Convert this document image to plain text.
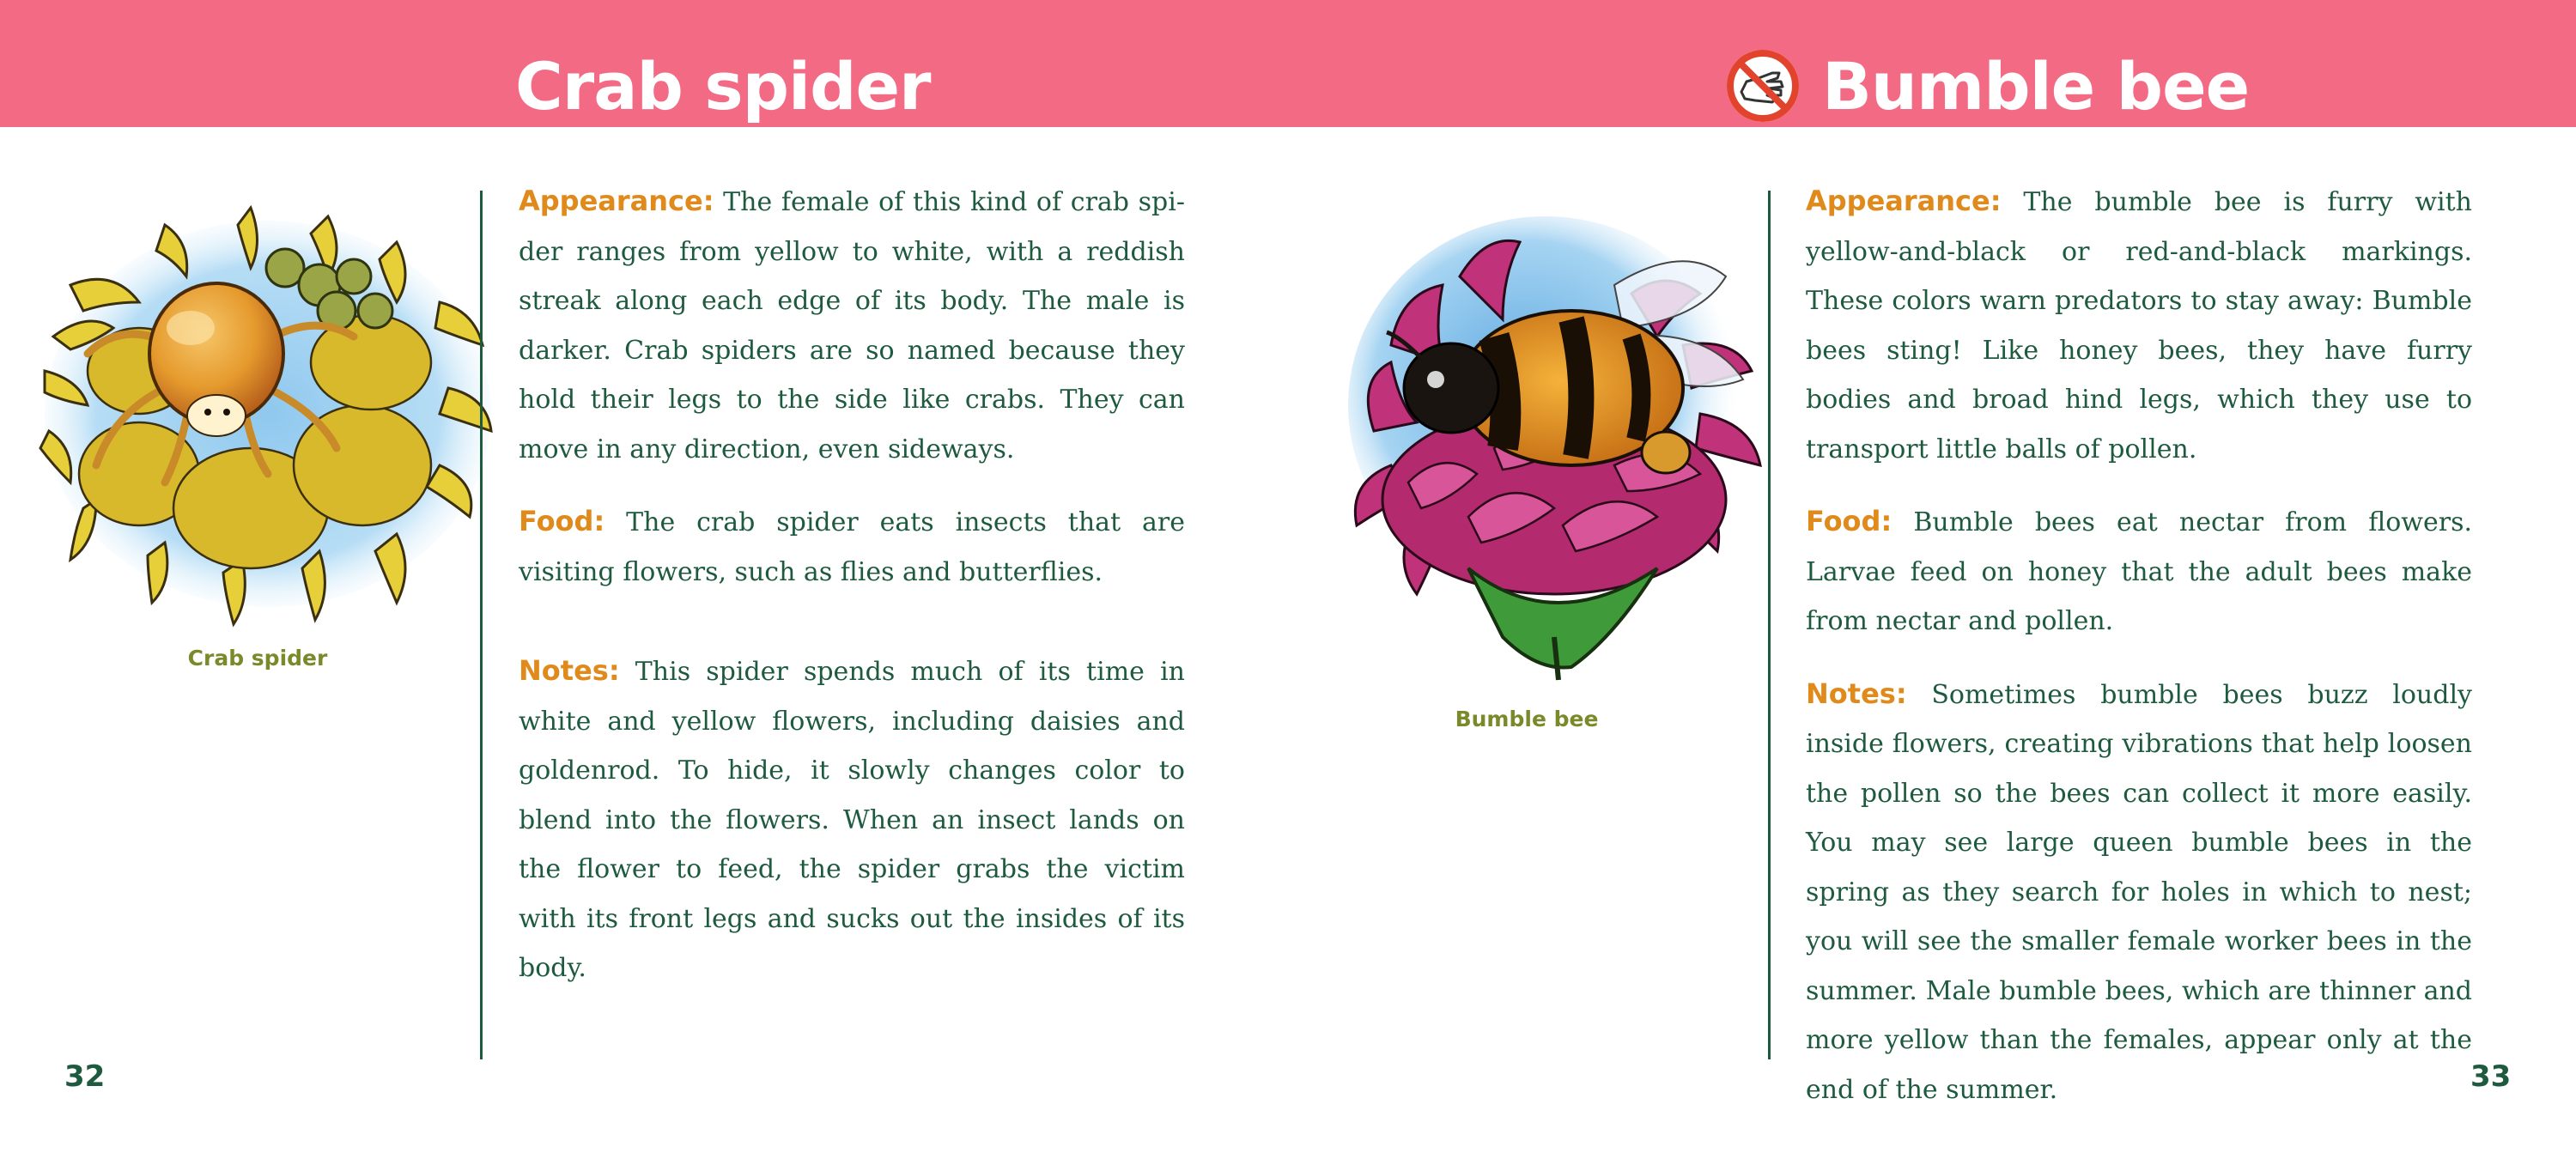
Crab spider	Bumble bee
Crab spider

Appearance: The female of this kind of crab spider ranges from yellow to white, with a reddish streak along each edge of its body. The male is darker. Crab spiders are so named because they hold their legs to the side like crabs. They can move in any direction, even sideways.

Food: The crab spider eats insects that are visiting flowers, such as flies and butterflies.

Notes: This spider spends much of its time in white and yellow flowers, including daisies and goldenrod. To hide, it slowly changes color to blend into the flowers. When an insect lands on the flower to feed, the spider grabs the victim with its front legs and sucks out the insides of its body.

Bumble bee

Appearance: The bumble bee is furry with yellow-and-black or red-and-black markings. These colors warn predators to stay away: Bumble bees sting! Like honey bees, they have furry bodies and broad hind legs, which they use to transport little balls of pollen.

Food: Bumble bees eat nectar from flowers. Larvae feed on honey that the adult bees make from nectar and pollen.

Notes: Sometimes bumble bees buzz loudly inside flowers, creating vibrations that help loosen the pollen so the bees can collect it more easily. You may see large queen bumble bees in the spring as they search for holes in which to nest; you will see the smaller female worker bees in the summer. Male bumble bees, which are thinner and more yellow than the females, appear only at the end of the summer.

32	33
